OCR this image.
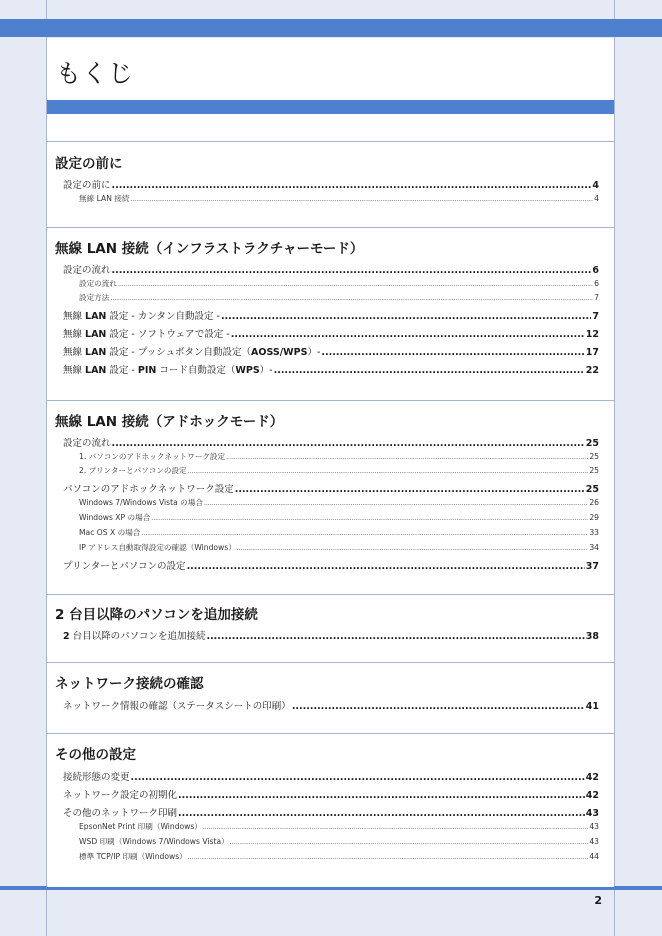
もくじ
設定の前に
設定の前に .....	4
無線 LAN 接続 .....	4
無線 LAN 接続（インフラストラクチャーモード）
設定の流れ .....	6
設定の流れ .....	6
設定方法 .....	7
無線 LAN 設定 - カンタン自動設定 - .....	7
無線 LAN 設定 - ソフトウェアで設定 - .....	12
無線 LAN 設定 - プッシュボタン自動設定（AOSS/WPS）- .....	17
無線 LAN 設定 - PIN コード自動設定（WPS）- .....	22
無線 LAN 接続（アドホックモード）
設定の流れ .....	25
1. パソコンのアドホックネットワーク設定 .....	25
2. プリンターとパソコンの設定 .....	25
パソコンのアドホックネットワーク設定 .....	25
Windows 7/Windows Vista の場合 .....	26
Windows XP の場合 .....	29
Mac OS X の場合 .....	33
IP アドレス自動取得設定の確認（Windows） .....	34
プリンターとパソコンの設定 .....	37
2 台目以降のパソコンを追加接続
2 台目以降のパソコンを追加接続 .....	38
ネットワーク接続の確認
ネットワーク情報の確認（ステータスシートの印刷） .....	41
その他の設定
接続形態の変更 .....	42
ネットワーク設定の初期化 .....	42
その他のネットワーク印刷 .....	43
EpsonNet Print 印刷（Windows） .....	43
WSD 印刷（Windows 7/Windows Vista） .....	43
標準 TCP/IP 印刷（Windows） .....	44
2
